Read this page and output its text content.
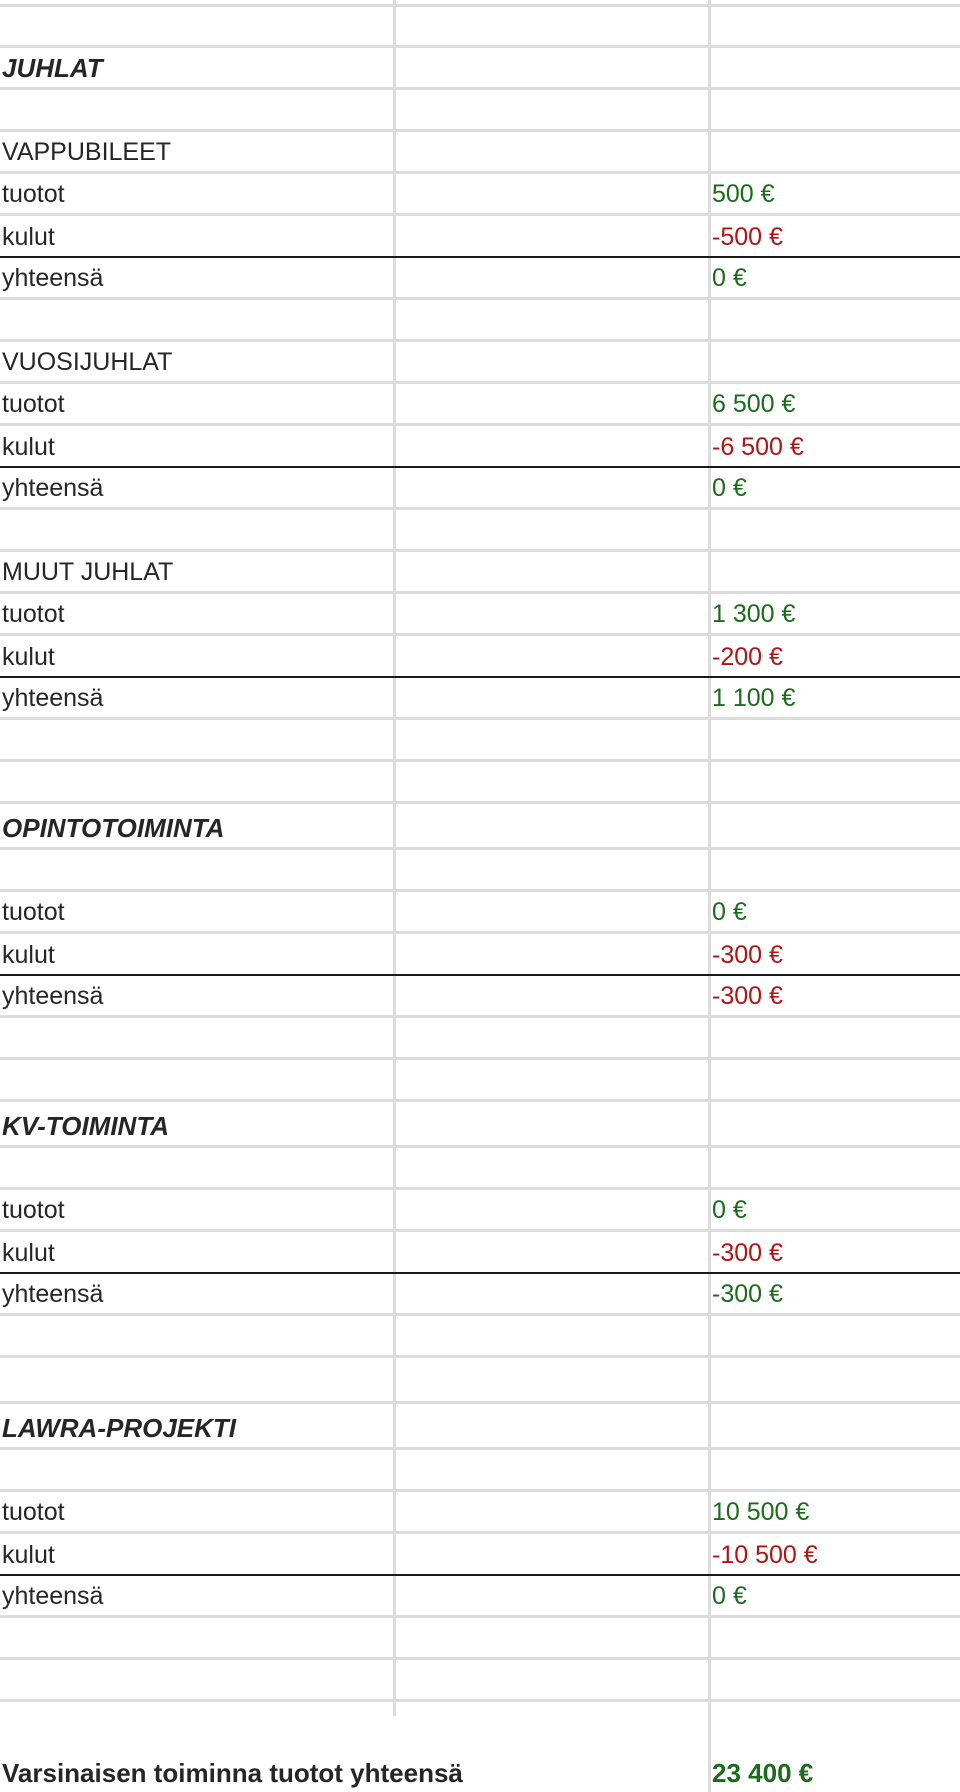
JUHLAT
VAPPUBILEET
tuotot	500 €
kulut	-500 €
yhteensä	0 €
VUOSIJUHLAT
tuotot	6 500 €
kulut	-6 500 €
yhteensä	0 €
MUUT JUHLAT
tuotot	1 300 €
kulut	-200 €
yhteensä	1 100 €
OPINTOTOIMINTA
tuotot	0 €
kulut	-300 €
yhteensä	-300 €
KV-TOIMINTA
tuotot	0 €
kulut	-300 €
yhteensä	-300 €
LAWRA-PROJEKTI
tuotot	10 500 €
kulut	-10 500 €
yhteensä	0 €
Varsinaisen toiminna tuotot yhteensä	23 400 €
